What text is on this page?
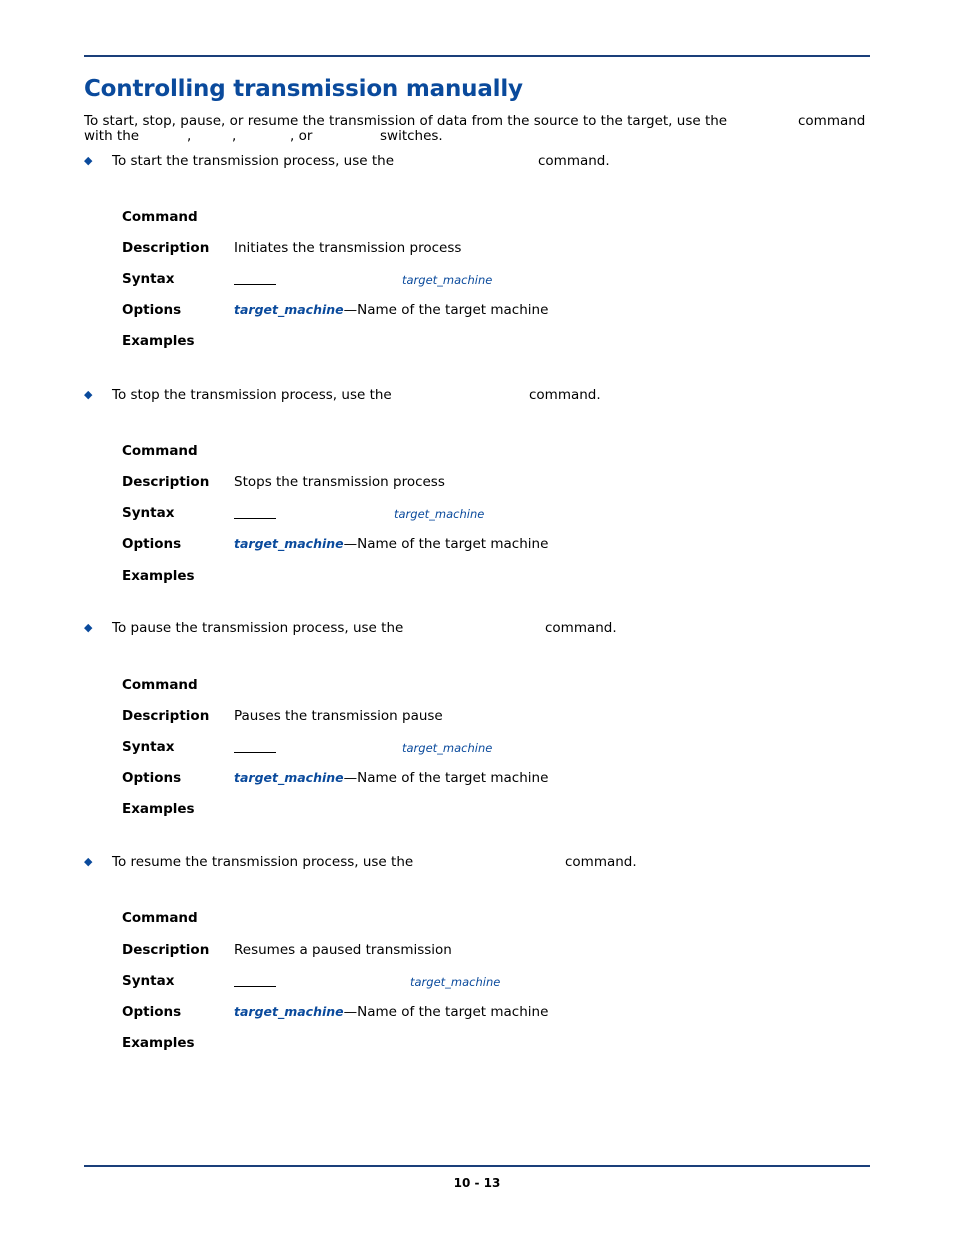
Controlling transmission manually
To start, stop, pause, or resume the transmission of data from the source to the target, use the	command
with the	,	,	, or	switches.
◆ To start the transmission process, use the	command.
Command
Description Initiates the transmission process
Syntax	target_machine
Options	target_machine—Name of the target machine
Examples
◆ To stop the transmission process, use the	command.
Command
Description Stops the transmission process
Syntax	target_machine
Options	target_machine—Name of the target machine
Examples
◆ To pause the transmission process, use the	command.
Command
Description Pauses the transmission pause
Syntax	target_machine
Options	target_machine—Name of the target machine
Examples
◆ To resume the transmission process, use the	command.
Command
Description Resumes a paused transmission
Syntax	target_machine
Options	target_machine—Name of the target machine
Examples
10 - 13
